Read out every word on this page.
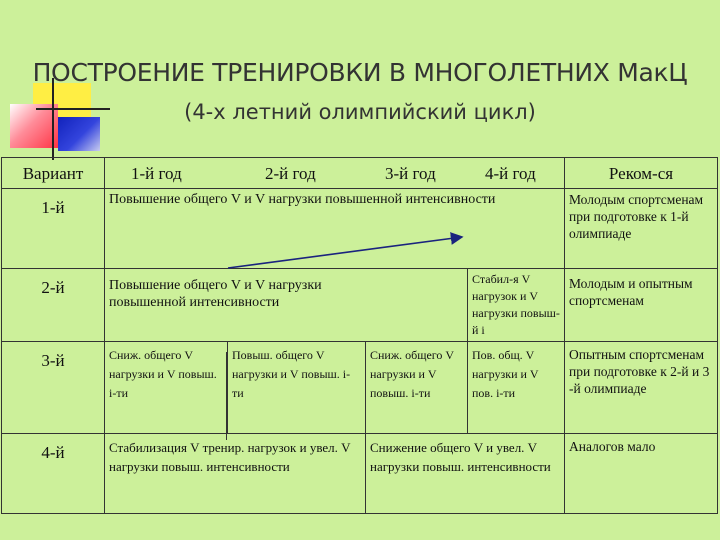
ПОСТРОЕНИЕ ТРЕНИРОВКИ В МНОГОЛЕТНИХ МакЦ
(4-х летний олимпийский цикл)
Вариант	1-й год 2-й год 3-й год 4-й год				Реком-ся
1-й	Повышение общего V и V нагрузки повышенной интенсивности				Молодым спортсменам при подготовке к 1-й олимпиаде
2-й	Повышение общего V и V нагрузки повышенной интенсивности			Стабил-я V нагрузок и V нагрузки повыш-й i	Молодым и опытным спортсменам
3-й	Сниж. общего V нагрузки и V повыш. i-ти	Повыш. общего V нагрузки и V повыш. i-ти	Сниж. общего V нагрузки и V повыш. i-ти	Пов. общ. V нагрузки и V пов. i-ти	Опытным спортсменам при подготовке к 2-й и 3 -й олимпиаде
4-й	Стабилизация V тренир. нагрузок и увел. V нагрузки повыш. интенсивности		Снижение общего V и увел. V нагрузки повыш. интенсивности		Аналогов мало
